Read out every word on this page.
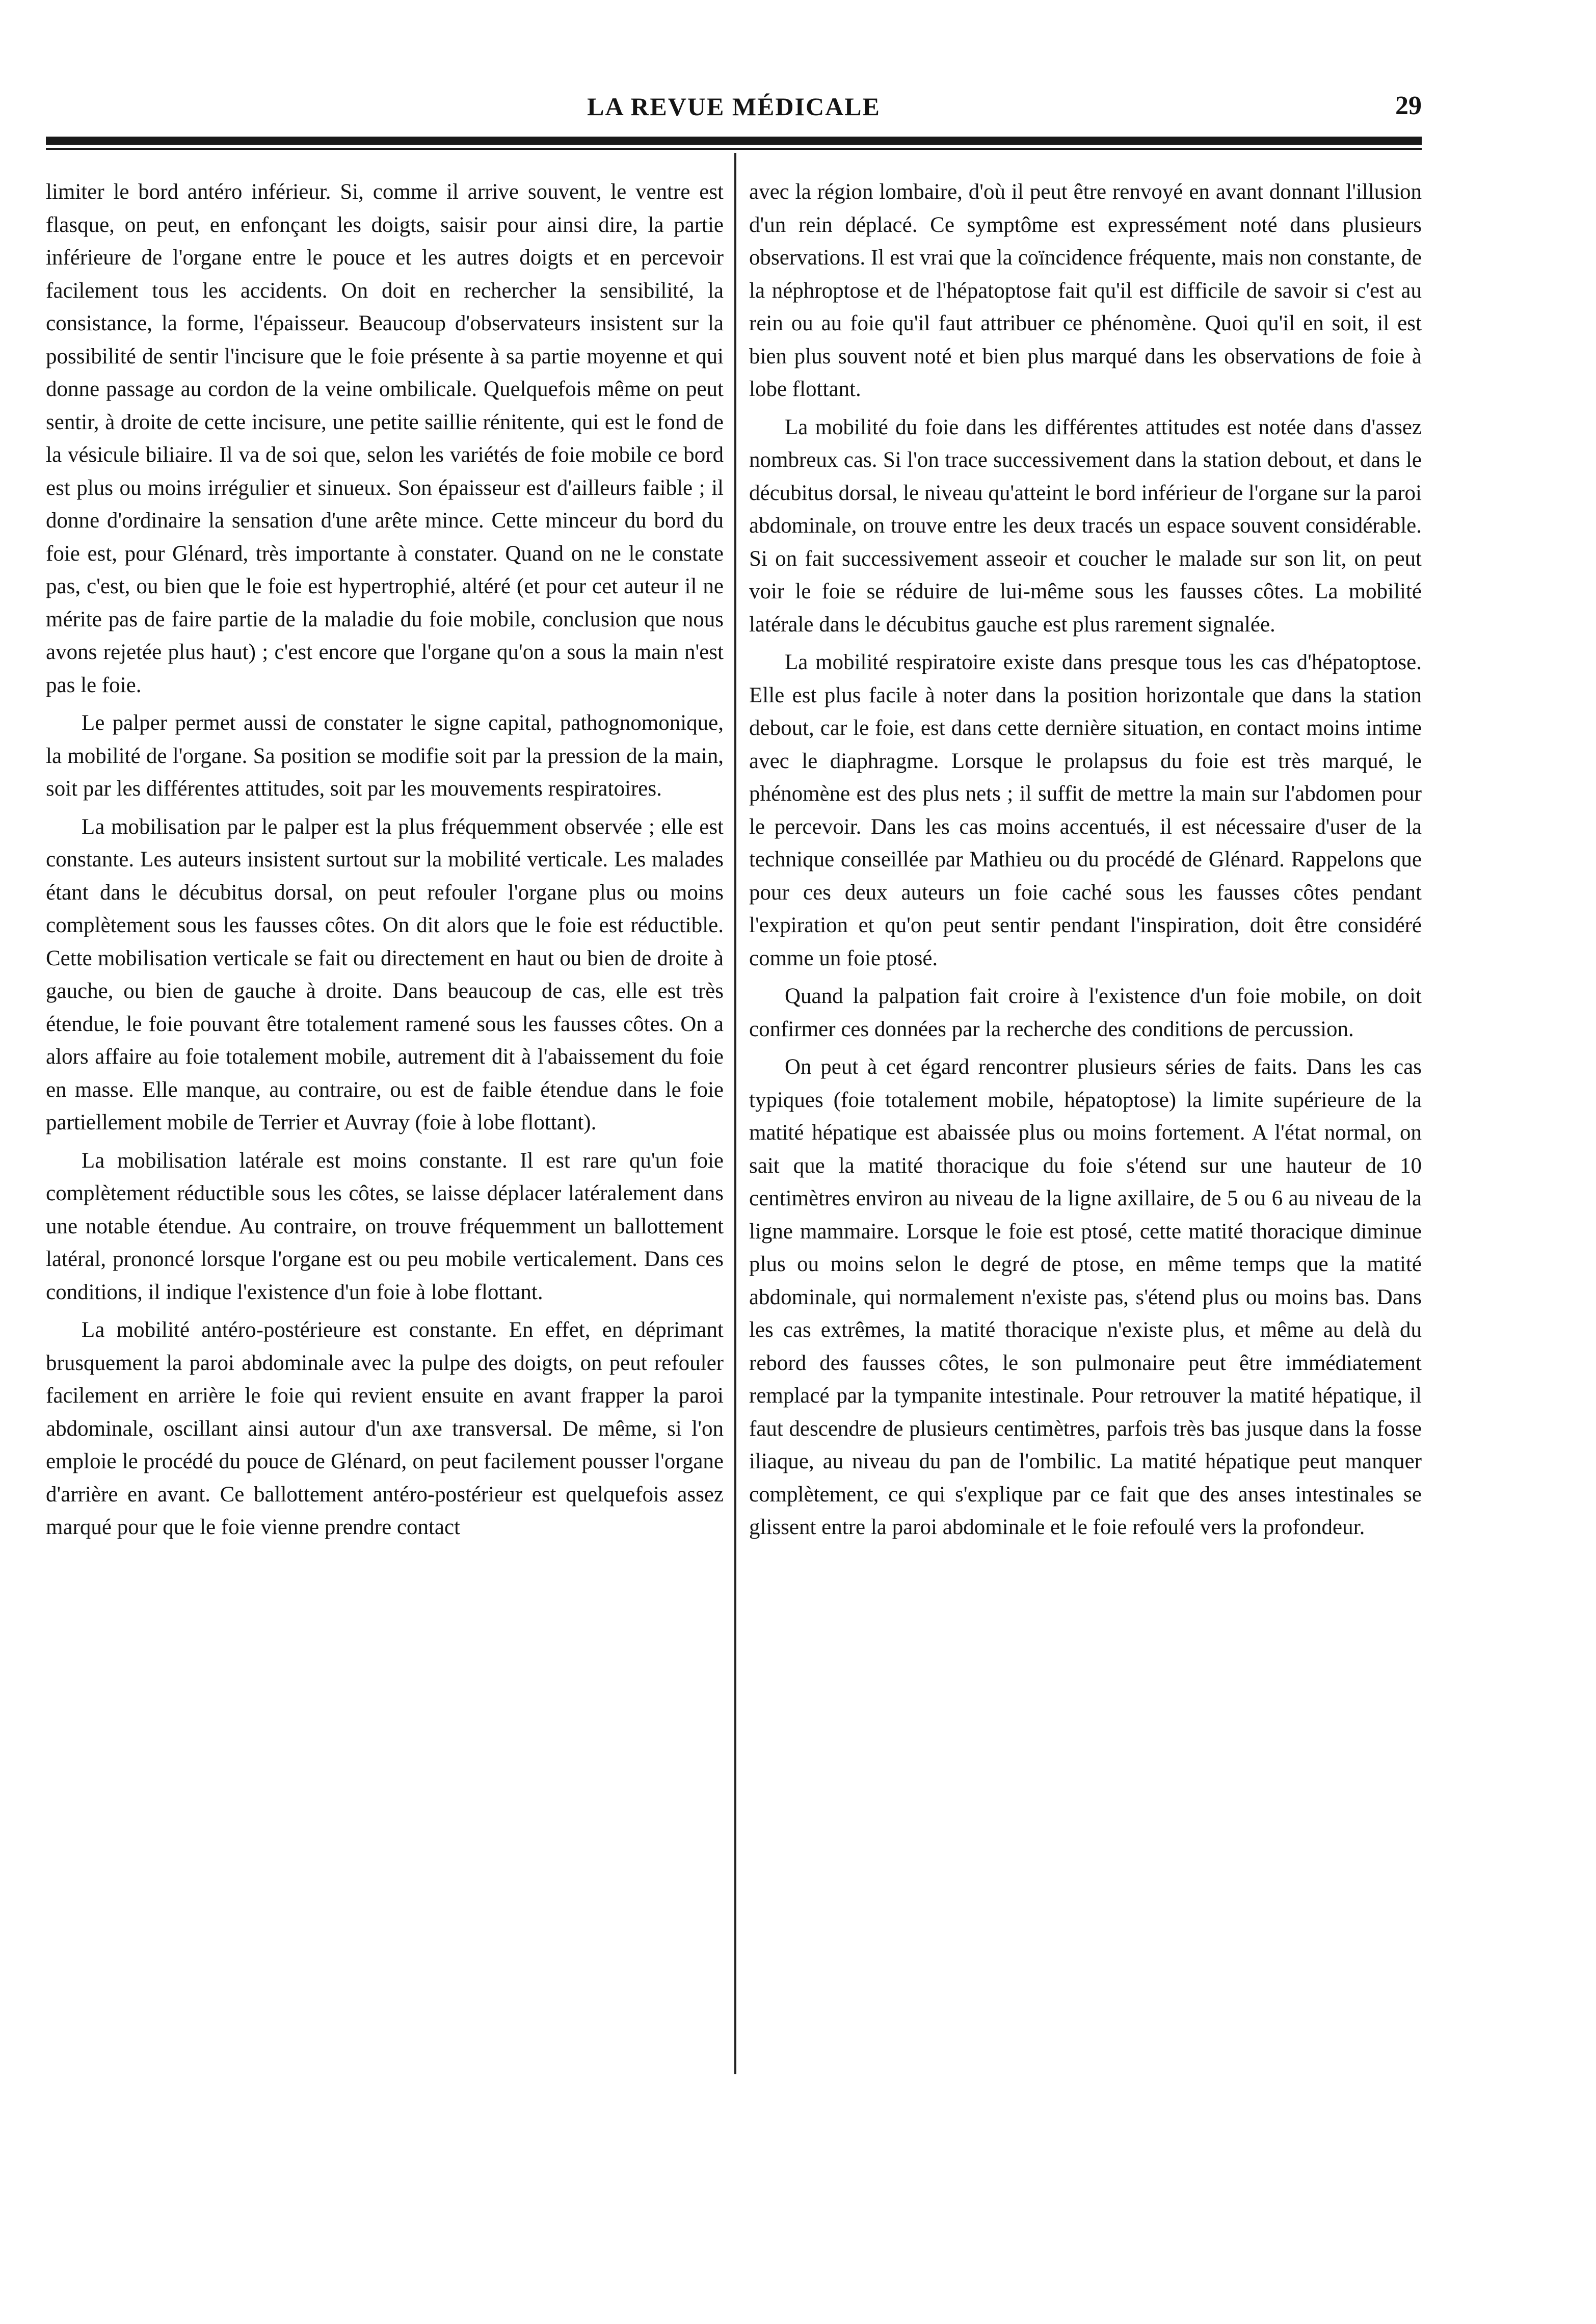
LA REVUE MÉDICALE	29

limiter le bord antéro inférieur. Si, comme il arrive souvent, le ventre est flasque, on peut, en enfonçant les doigts, saisir pour ainsi dire, la partie inférieure de l'organe entre le pouce et les autres doigts et en percevoir facilement tous les accidents. On doit en rechercher la sensibilité, la consistance, la forme, l'épaisseur. Beaucoup d'observateurs insistent sur la possibilité de sentir l'incisure que le foie présente à sa partie moyenne et qui donne passage au cordon de la veine ombilicale. Quelquefois même on peut sentir, à droite de cette incisure, une petite saillie rénitente, qui est le fond de la vésicule biliaire. Il va de soi que, selon les variétés de foie mobile ce bord est plus ou moins irrégulier et sinueux. Son épaisseur est d'ailleurs faible ; il donne d'ordinaire la sensation d'une arête mince. Cette minceur du bord du foie est, pour Glénard, très importante à constater. Quand on ne le constate pas, c'est, ou bien que le foie est hypertrophié, altéré (et pour cet auteur il ne mérite pas de faire partie de la maladie du foie mobile, conclusion que nous avons rejetée plus haut) ; c'est encore que l'organe qu'on a sous la main n'est pas le foie.

Le palper permet aussi de constater le signe capital, pathognomonique, la mobilité de l'organe. Sa position se modifie soit par la pression de la main, soit par les différentes attitudes, soit par les mouvements respiratoires.

La mobilisation par le palper est la plus fréquemment observée ; elle est constante. Les auteurs insistent surtout sur la mobilité verticale. Les malades étant dans le décubitus dorsal, on peut refouler l'organe plus ou moins complètement sous les fausses côtes. On dit alors que le foie est réductible. Cette mobilisation verticale se fait ou directement en haut ou bien de droite à gauche, ou bien de gauche à droite. Dans beaucoup de cas, elle est très étendue, le foie pouvant être totalement ramené sous les fausses côtes. On a alors affaire au foie totalement mobile, autrement dit à l'abaissement du foie en masse. Elle manque, au contraire, ou est de faible étendue dans le foie partiellement mobile de Terrier et Auvray (foie à lobe flottant).

La mobilisation latérale est moins constante. Il est rare qu'un foie complètement réductible sous les côtes, se laisse déplacer latéralement dans une notable étendue. Au contraire, on trouve fréquemment un ballottement latéral, prononcé lorsque l'organe est ou peu mobile verticalement. Dans ces conditions, il indique l'existence d'un foie à lobe flottant.

La mobilité antéro-postérieure est constante. En effet, en déprimant brusquement la paroi abdominale avec la pulpe des doigts, on peut refouler facilement en arrière le foie qui revient ensuite en avant frapper la paroi abdominale, oscillant ainsi autour d'un axe transversal. De même, si l'on emploie le procédé du pouce de Glénard, on peut facilement pousser l'organe d'arrière en avant. Ce ballottement antéro-postérieur est quelquefois assez marqué pour que le foie vienne prendre contact

avec la région lombaire, d'où il peut être renvoyé en avant donnant l'illusion d'un rein déplacé. Ce symptôme est expressément noté dans plusieurs observations. Il est vrai que la coïncidence fréquente, mais non constante, de la néphroptose et de l'hépatoptose fait qu'il est difficile de savoir si c'est au rein ou au foie qu'il faut attribuer ce phénomène. Quoi qu'il en soit, il est bien plus souvent noté et bien plus marqué dans les observations de foie à lobe flottant.

La mobilité du foie dans les différentes attitudes est notée dans d'assez nombreux cas. Si l'on trace successivement dans la station debout, et dans le décubitus dorsal, le niveau qu'atteint le bord inférieur de l'organe sur la paroi abdominale, on trouve entre les deux tracés un espace souvent considérable. Si on fait successivement asseoir et coucher le malade sur son lit, on peut voir le foie se réduire de lui-même sous les fausses côtes. La mobilité latérale dans le décubitus gauche est plus rarement signalée.

La mobilité respiratoire existe dans presque tous les cas d'hépatoptose. Elle est plus facile à noter dans la position horizontale que dans la station debout, car le foie, est dans cette dernière situation, en contact moins intime avec le diaphragme. Lorsque le prolapsus du foie est très marqué, le phénomène est des plus nets ; il suffit de mettre la main sur l'abdomen pour le percevoir. Dans les cas moins accentués, il est nécessaire d'user de la technique conseillée par Mathieu ou du procédé de Glénard. Rappelons que pour ces deux auteurs un foie caché sous les fausses côtes pendant l'expiration et qu'on peut sentir pendant l'inspiration, doit être considéré comme un foie ptosé.

Quand la palpation fait croire à l'existence d'un foie mobile, on doit confirmer ces données par la recherche des conditions de percussion.

On peut à cet égard rencontrer plusieurs séries de faits. Dans les cas typiques (foie totalement mobile, hépatoptose) la limite supérieure de la matité hépatique est abaissée plus ou moins fortement. A l'état normal, on sait que la matité thoracique du foie s'étend sur une hauteur de 10 centimètres environ au niveau de la ligne axillaire, de 5 ou 6 au niveau de la ligne mammaire. Lorsque le foie est ptosé, cette matité thoracique diminue plus ou moins selon le degré de ptose, en même temps que la matité abdominale, qui normalement n'existe pas, s'étend plus ou moins bas. Dans les cas extrêmes, la matité thoracique n'existe plus, et même au delà du rebord des fausses côtes, le son pulmonaire peut être immédiatement remplacé par la tympanite intestinale. Pour retrouver la matité hépatique, il faut descendre de plusieurs centimètres, parfois très bas jusque dans la fosse iliaque, au niveau du pan de l'ombilic. La matité hépatique peut manquer complètement, ce qui s'explique par ce fait que des anses intestinales se glissent entre la paroi abdominale et le foie refoulé vers la profondeur.
